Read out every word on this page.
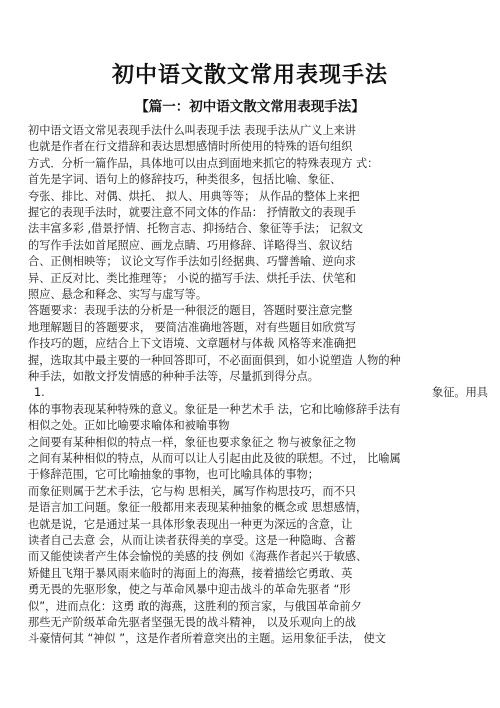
初中语文散文常用表现手法
【篇一：初中语文散文常用表现手法】
初中语文语文常见表现手法什么叫表现手法 表现手法从广义上来讲
也就是作者在行文措辞和表达思想感情时所使用的特殊的语句组织
方式．分析一篇作品，具体地可以由点到面地来抓它的特殊表现方 式：
首先是字词、语句上的修辞技巧，种类很多，包括比喻、象征、
夸张、排比、对偶、烘托、 拟人、用典等等； 从作品的整体上来把
握它的表现手法时，就要注意不同文体的作品： 抒情散文的表现手
法丰富多彩 ,借景抒情、托物言志、抑扬结合、象征等手法； 记叙文
的写作手法如首尾照应、画龙点睛、巧用修辞、详略得当、叙议结
合、正侧相映等； 议论文写作手法如引经据典、巧譬善喻、逆向求
异、正反对比、类比推理等； 小说的描写手法、烘托手法、伏笔和
照应、悬念和释念、实写与虚写等。
答题要求：表现手法的分析是一种很泛的题目，答题时要注意完整
地理解题目的答题要求， 要简洁准确地答题，对有些题目如欣赏写
作技巧的题，应结合上下文语境、文章题材与体裁 风格等来准确把
握，选取其中最主要的一种回答即可，不必面面俱到，如小说塑造 人物的种
种手法，如散文抒发情感的种种手法等，尽量抓到得分点。
1.	象征。用具
体的事物表现某种特殊的意义。象征是一种艺术手 法，它和比喻修辞手法有
相似之处。正如比喻要求喻体和被喻事物
之间要有某种相似的特点一样，象征也要求象征之 物与被象征之物
之间有某种相似的特点，从而可以让人引起由此及彼的联想。不过， 比喻属
于修辞范围，它可比喻抽象的事物，也可比喻具体的事物；
而象征则属于艺术手法，它与构 思相关，属写作构思技巧，而不只
是语言加工问题。象征一般都用来表现某种抽象的概念或 思想感情，
也就是说，它是通过某一具体形象表现出一种更为深远的含意，让
读者自己去意 会，从而让读者获得美的享受。这是一种隐晦、含蓄
而又能使读者产生体会愉悦的美感的技 例如《海燕作者起兴于敏感、
矫健且飞翔于暴风雨来临时的海面上的海燕，接着描绘它勇敢、英
勇无畏的先驱形象，使之与革命风暴中迎击战斗的革命先驱者 “形
似”，进而点化：这勇 敢的海燕，这胜利的预言家，与俄国革命前夕
那些无产阶级革命先驱者坚强无畏的战斗精神， 以及乐观向上的战
斗豪情何其 “神似 ”，这是作者所着意突出的主题。运用象征手法， 使文
